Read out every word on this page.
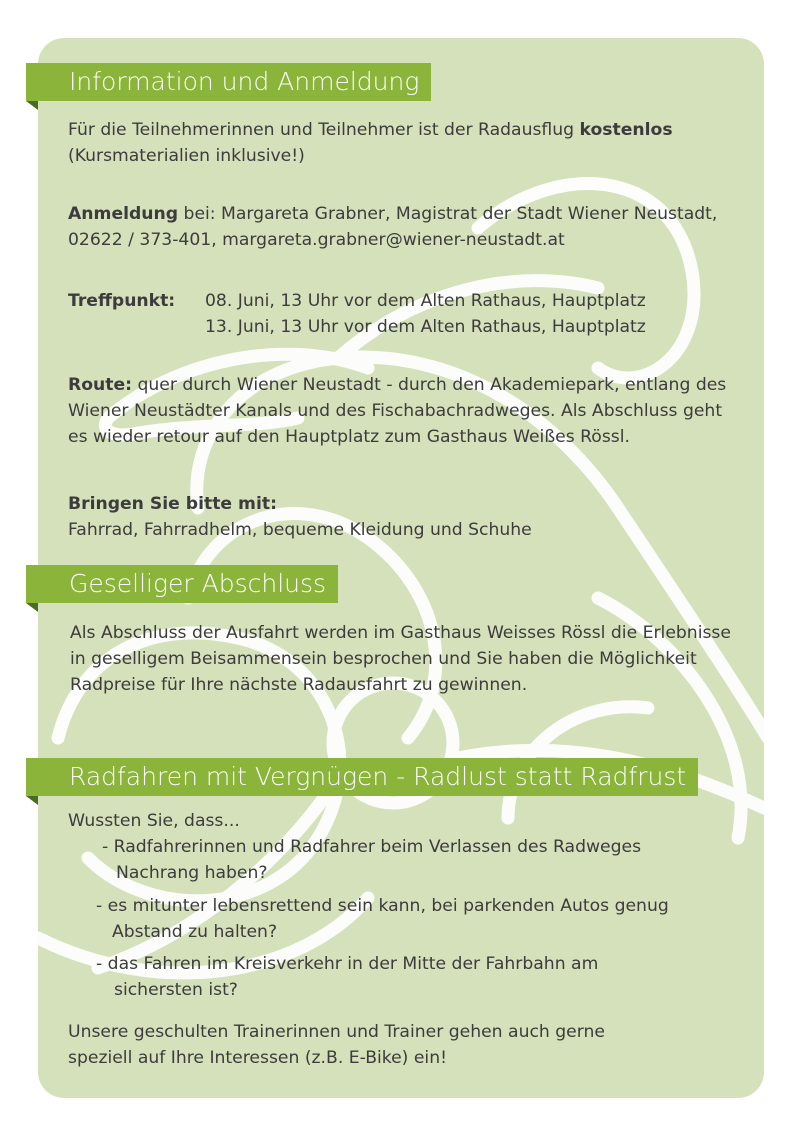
Information und Anmeldung
Für die Teilnehmerinnen und Teilnehmer ist der Radausflug kostenlos
(Kursmaterialien inklusive!)
Anmeldung bei: Margareta Grabner, Magistrat der Stadt Wiener Neustadt,
02622 / 373-401, margareta.grabner@wiener-neustadt.at
Treffpunkt: 08. Juni, 13 Uhr vor dem Alten Rathaus, Hauptplatz
13. Juni, 13 Uhr vor dem Alten Rathaus, Hauptplatz
Route: quer durch Wiener Neustadt - durch den Akademiepark, entlang des
Wiener Neustädter Kanals und des Fischabachradweges. Als Abschluss geht
es wieder retour auf den Hauptplatz zum Gasthaus Weißes Rössl.
Bringen Sie bitte mit:
Fahrrad, Fahrradhelm, bequeme Kleidung und Schuhe
Geselliger Abschluss
Als Abschluss der Ausfahrt werden im Gasthaus Weisses Rössl die Erlebnisse
in geselligem Beisammensein besprochen und Sie haben die Möglichkeit
Radpreise für Ihre nächste Radausfahrt zu gewinnen.
Radfahren mit Vergnügen - Radlust statt Radfrust
Wussten Sie, dass...
- Radfahrerinnen und Radfahrer beim Verlassen des Radweges
Nachrang haben?
- es mitunter lebensrettend sein kann, bei parkenden Autos genug
Abstand zu halten?
- das Fahren im Kreisverkehr in der Mitte der Fahrbahn am
sichersten ist?
Unsere geschulten Trainerinnen und Trainer gehen auch gerne
speziell auf Ihre Interessen (z.B. E-Bike) ein!
